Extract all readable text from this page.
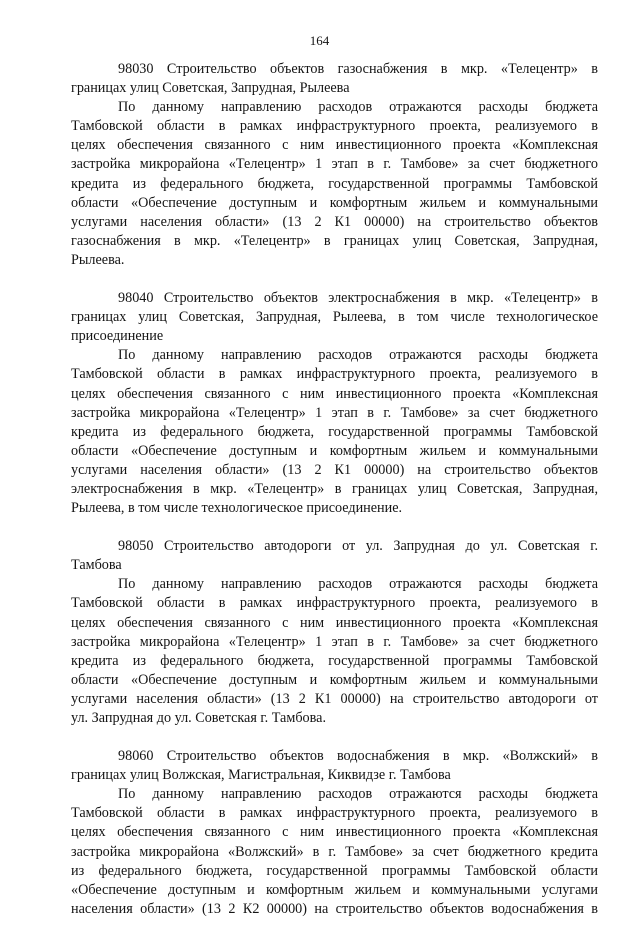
164
98030 Строительство объектов газоснабжения в мкр. «Телецентр» в
границах улиц Советская, Запрудная, Рылеева
По данному направлению расходов отражаются расходы бюджета
Тамбовской области в рамках инфраструктурного проекта, реализуемого в
целях обеспечения связанного с ним инвестиционного проекта «Комплексная
застройка микрорайона «Телецентр» 1 этап в г. Тамбове» за счет бюджетного
кредита из федерального бюджета, государственной программы Тамбовской
области «Обеспечение доступным и комфортным жильем и коммунальными
услугами населения области» (13 2 К1 00000) на строительство объектов
газоснабжения в мкр. «Телецентр» в границах улиц Советская, Запрудная,
Рылеева.
98040 Строительство объектов электроснабжения в мкр. «Телецентр» в
границах улиц Советская, Запрудная, Рылеева, в том числе технологическое
присоединение
По данному направлению расходов отражаются расходы бюджета
Тамбовской области в рамках инфраструктурного проекта, реализуемого в
целях обеспечения связанного с ним инвестиционного проекта «Комплексная
застройка микрорайона «Телецентр» 1 этап в г. Тамбове» за счет бюджетного
кредита из федерального бюджета, государственной программы Тамбовской
области «Обеспечение доступным и комфортным жильем и коммунальными
услугами населения области» (13 2 К1 00000) на строительство объектов
электроснабжения в мкр. «Телецентр» в границах улиц Советская, Запрудная,
Рылеева, в том числе технологическое присоединение.
98050 Строительство автодороги от ул. Запрудная до ул. Советская г.
Тамбова
По данному направлению расходов отражаются расходы бюджета
Тамбовской области в рамках инфраструктурного проекта, реализуемого в
целях обеспечения связанного с ним инвестиционного проекта «Комплексная
застройка микрорайона «Телецентр» 1 этап в г. Тамбове» за счет бюджетного
кредита из федерального бюджета, государственной программы Тамбовской
области «Обеспечение доступным и комфортным жильем и коммунальными
услугами населения области» (13 2 К1 00000) на строительство автодороги от
ул. Запрудная до ул. Советская г. Тамбова.
98060 Строительство объектов водоснабжения в мкр. «Волжский» в
границах улиц Волжская, Магистральная, Киквидзе г. Тамбова
По данному направлению расходов отражаются расходы бюджета
Тамбовской области в рамках инфраструктурного проекта, реализуемого в
целях обеспечения связанного с ним инвестиционного проекта «Комплексная
застройка микрорайона «Волжский» в г. Тамбове» за счет бюджетного кредита
из федерального бюджета, государственной программы Тамбовской области
«Обеспечение доступным и комфортным жильем и коммунальными услугами
населения области» (13 2 К2 00000) на строительство объектов водоснабжения в
